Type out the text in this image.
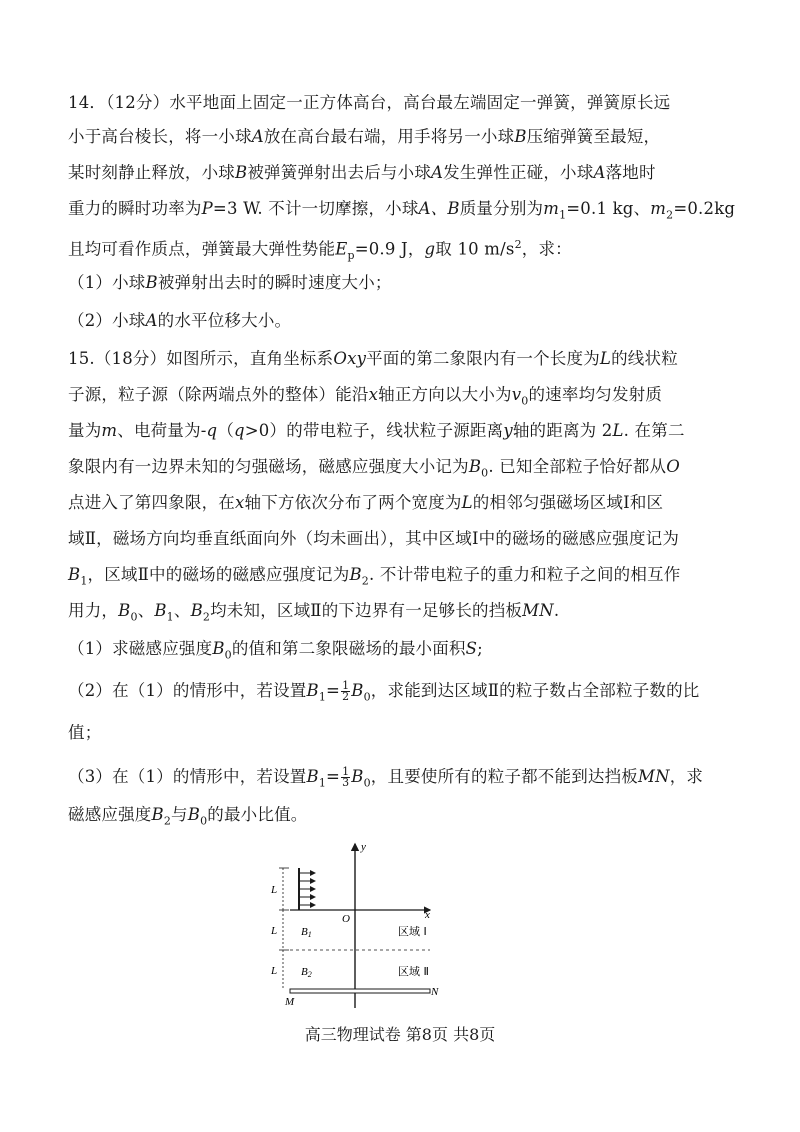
14．（12分）水平地面上固定一正方体高台，高台最左端固定一弹簧，弹簧原长远
小于高台棱长，将一小球A放在高台最右端，用手将另一小球B压缩弹簧至最短，
某时刻静止释放，小球B被弹簧弹射出去后与小球A发生弹性正碰，小球A落地时
重力的瞬时功率为P=3 W. 不计一切摩擦，小球A、B质量分别为$m_1=0.1$ kg、$m_2=0.2kg$
且均可看作质点，弹簧最大弹性势能$E_p=0.9$ J，g取 10 $m/s^2$，求：
（1）小球B被弹射出去时的瞬时速度大小；
（2）小球A的水平位移大小。
15.（18分）如图所示，直角坐标系Oxy平面的第二象限内有一个长度为L的线状粒
子源，粒子源（除两端点外的整体）能沿x轴正方向以大小为$v_0$的速率均匀发射质
量为m、电荷量为-q（q>0）的带电粒子，线状粒子源距离y轴的距离为 2L. 在第二
象限内有一边界未知的匀强磁场，磁感应强度大小记为$B_0$. 已知全部粒子恰好都从O
点进入了第四象限，在x轴下方依次分布了两个宽度为L的相邻匀强磁场区域Ⅰ和区
域Ⅱ，磁场方向均垂直纸面向外（均未画出），其中区域Ⅰ中的磁场的磁感应强度记为
$B_1$，区域Ⅱ中的磁场的磁感应强度记为$B_2$. 不计带电粒子的重力和粒子之间的相互作
用力，$B_0$、$B_1$、$B_2$均未知，区域Ⅱ的下边界有一足够长的挡板MN.
（1）求磁感应强度$B_0$的值和第二象限磁场的最小面积S;
（2）在（1）的情形中，若设置$B_1= \frac{1}{2} B_0$，求能到达区域Ⅱ的粒子数占全部粒子数的比
值；
（3）在（1）的情形中，若设置$B_1= \frac{1}{3} B_0$，且要使所有的粒子都不能到达挡板MN，求
磁感应强度$B_2$与$B_0$的最小比值。
y
x
O
L
L
L
B1
B2
区域 Ⅰ
区域 Ⅱ
M
N
高三物理试卷 第8页 共8页
